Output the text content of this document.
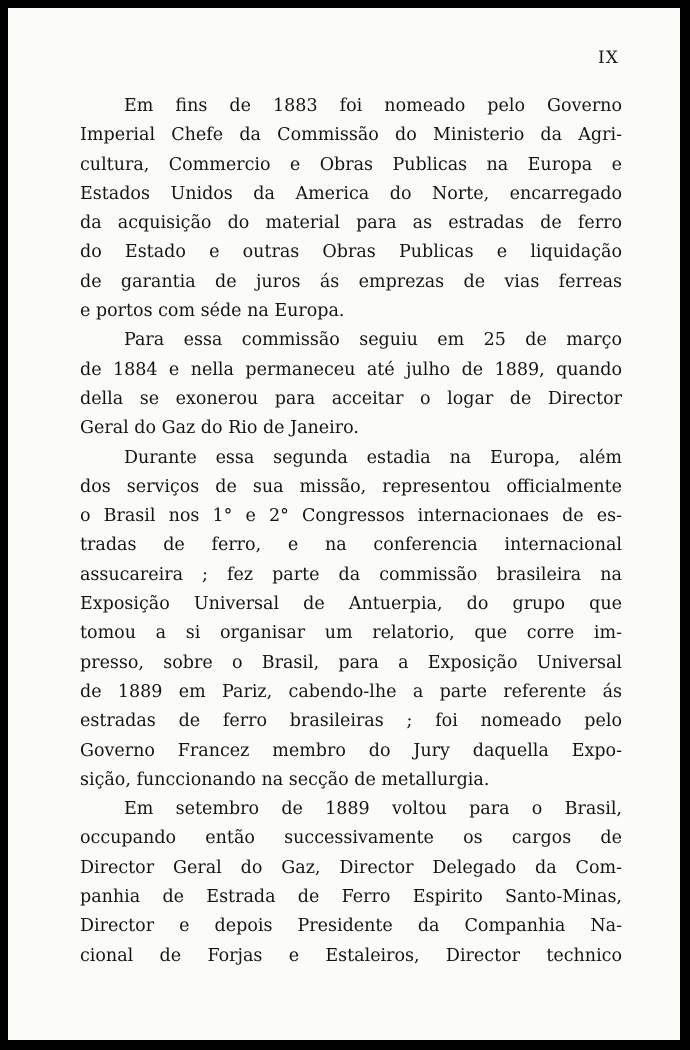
IX
Em fins de 1883 foi nomeado pelo Governo
Imperial Chefe da Commissão do Ministerio da Agri-
cultura, Commercio e Obras Publicas na Europa e
Estados Unidos da America do Norte, encarregado
da acquisição do material para as estradas de ferro
do Estado e outras Obras Publicas e liquidação
de garantia de juros ás emprezas de vias ferreas
e portos com séde na Europa.
Para essa commissão seguiu em 25 de março
de 1884 e nella permaneceu até julho de 1889, quando
della se exonerou para acceitar o logar de Director
Geral do Gaz do Rio de Janeiro.
Durante essa segunda estadia na Europa, além
dos serviços de sua missão, representou officialmente
o Brasil nos 1° e 2° Congressos internacionaes de es-
tradas de ferro, e na conferencia internacional
assucareira ; fez parte da commissão brasileira na
Exposição Universal de Antuerpia, do grupo que
tomou a si organisar um relatorio, que corre im-
presso, sobre o Brasil, para a Exposição Universal
de 1889 em Pariz, cabendo-lhe a parte referente ás
estradas de ferro brasileiras ; foi nomeado pelo
Governo Francez membro do Jury daquella Expo-
sição, funccionando na secção de metallurgia.
Em setembro de 1889 voltou para o Brasil,
occupando então successivamente os cargos de
Director Geral do Gaz, Director Delegado da Com-
panhia de Estrada de Ferro Espirito Santo-Minas,
Director e depois Presidente da Companhia Na-
cional de Forjas e Estaleiros, Director technico
